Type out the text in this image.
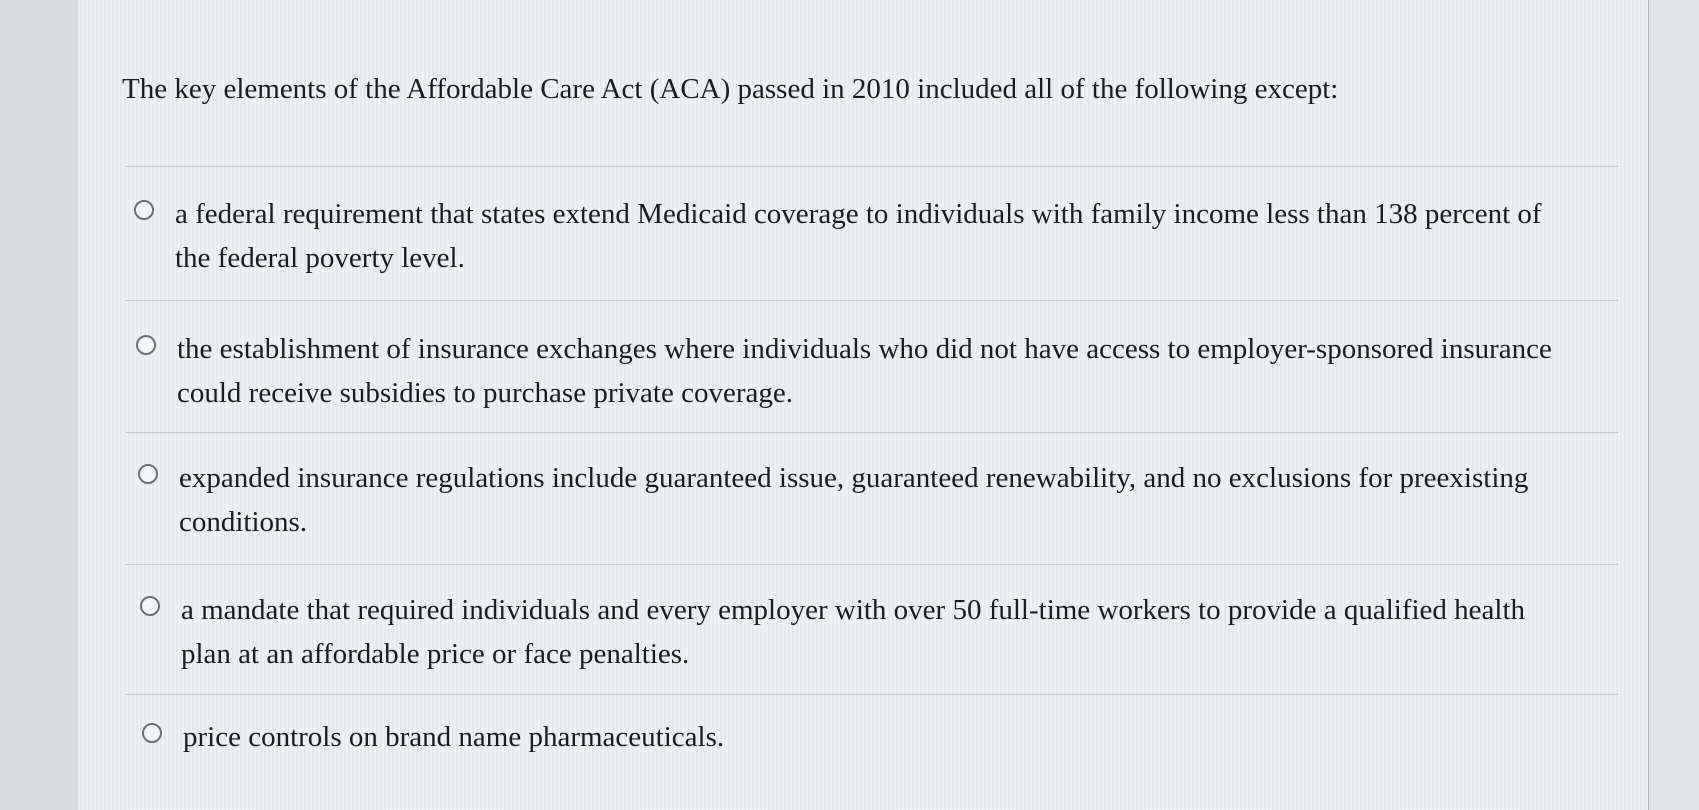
The key elements of the Affordable Care Act (ACA) passed in 2010 included all of the following except:
a federal requirement that states extend Medicaid coverage to individuals with family income less than 138 percent of the federal poverty level.
the establishment of insurance exchanges where individuals who did not have access to employer-sponsored insurance could receive subsidies to purchase private coverage.
expanded insurance regulations include guaranteed issue, guaranteed renewability, and no exclusions for preexisting conditions.
a mandate that required individuals and every employer with over 50 full-time workers to provide a qualified health plan at an affordable price or face penalties.
price controls on brand name pharmaceuticals.
